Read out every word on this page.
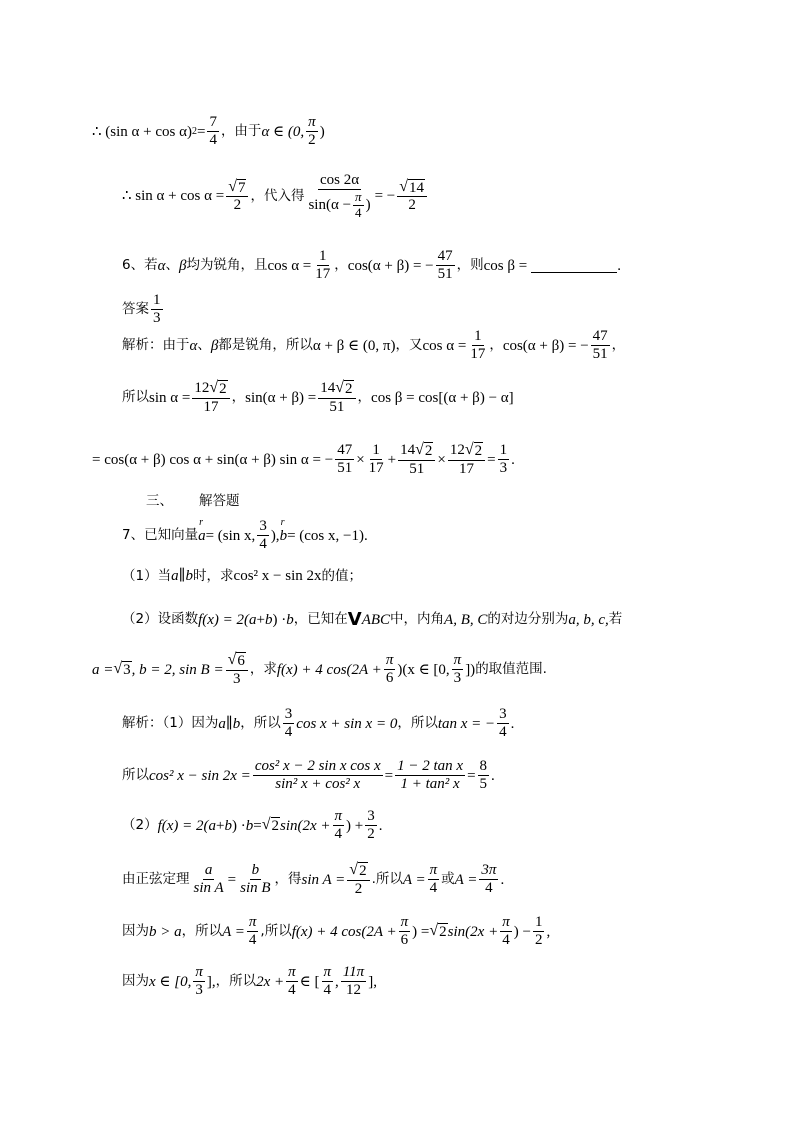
∴ (sin α + cos α) $2 = \frac{7}{4}$ ，由于 α ∈ (0, $\frac{\pi}{2}$ )
∴ $\sin \alpha + \cos \alpha = \frac{√ 7}{2}$ ，代入得 $\frac{\cos 2\alpha}{\sin(\alpha - \frac{\pi}{4} )}$ = − $\frac{√ 14}{2}$
6、若 α 、 β 均为锐角，且 $\cos \alpha = \frac{1}{17}$ ， cos(α + β) = − $\frac{47}{51}$ ，则 cos β =	.
答案 $\frac{1}{3}$
解析：由于 α 、 β 都是锐角，所以 α + β ∈ (0, π) ，又 $\cos \alpha = \frac{1}{17}$ ， cos(α + β) = − $\frac{47}{51}$ ，
所以 $\sin \alpha = \frac{12 √ 2}{17}$ ， $\sin(\alpha + \beta) = \frac{14 √ 2}{51}$ ， cos β = cos[(α + β) − α]
= cos(α + β) cos α + sin(α + β) sin α = − $\frac{47}{51} \times \frac{1}{17} + \frac{14 √ 2}{51} \times \frac{12 √ 2}{17} = \frac{1}{3}$ .
三、 解答题
7、已知向量
r
a = (sin x, $\frac{3}{4}$ ),
r
b = (cos x, −1).
（1）当 a ∥ b 时，求 cos² x − sin 2x 的值；
（2）设函数 f(x) = 2( a + b ) · b ，已知在 V ABC 中，内角 A, B, C 的对边分别为 a, b, c, 若
a = √ 3 , b = 2, $\sin B = \frac{√ 6}{3}$ ，求 f(x) + 4 $\cos(2A + \frac{\pi}{6} )(x$ ∈ [0, $\frac{\pi}{3}$ ]) 的取值范围.
解析：（1）因为 a ∥ b ，所以 $\frac{3}{4}$ cos x + sin x = 0 ，所以 tan x = − $\frac{3}{4}$ .
所以 cos² $x - \sin 2x = \frac{\text{cos² x − 2 sin x cos x}}{\text{sin² x + cos² x}} = \frac{\text{1 − 2 tan x}}{\text{1 + tan² x}} = \frac{8}{5}$ .
（2） f(x) = 2( a + b ) · b = √ 2 $\sin(2x + \frac{\pi}{4}$ ) + $\frac{3}{2}$ .
由正弦定理 $\frac{a}{\text{sin A}} = \frac{b}{\text{sin B}}$ ，得 $\sin A = \frac{√ 2}{2}$ .所以 $A = \frac{\pi}{4}$ 或 $A = \frac{3\pi}{4}$ .
因为 b > a ，所以 $A = \frac{\pi}{4}$ ,所以 f(x) + 4 $\cos(2A + \frac{\pi}{6}$ ) = √ 2 $\sin(2x + \frac{\pi}{4}$ ) − $\frac{1}{2}$ ,
因为 x ∈ [0, $\frac{\pi}{3}$ ], ，所以 $2x + \frac{\pi}{4}$ ∈ [ $\frac{\pi}{4}$ , $\frac{11\pi}{12}$ ],
